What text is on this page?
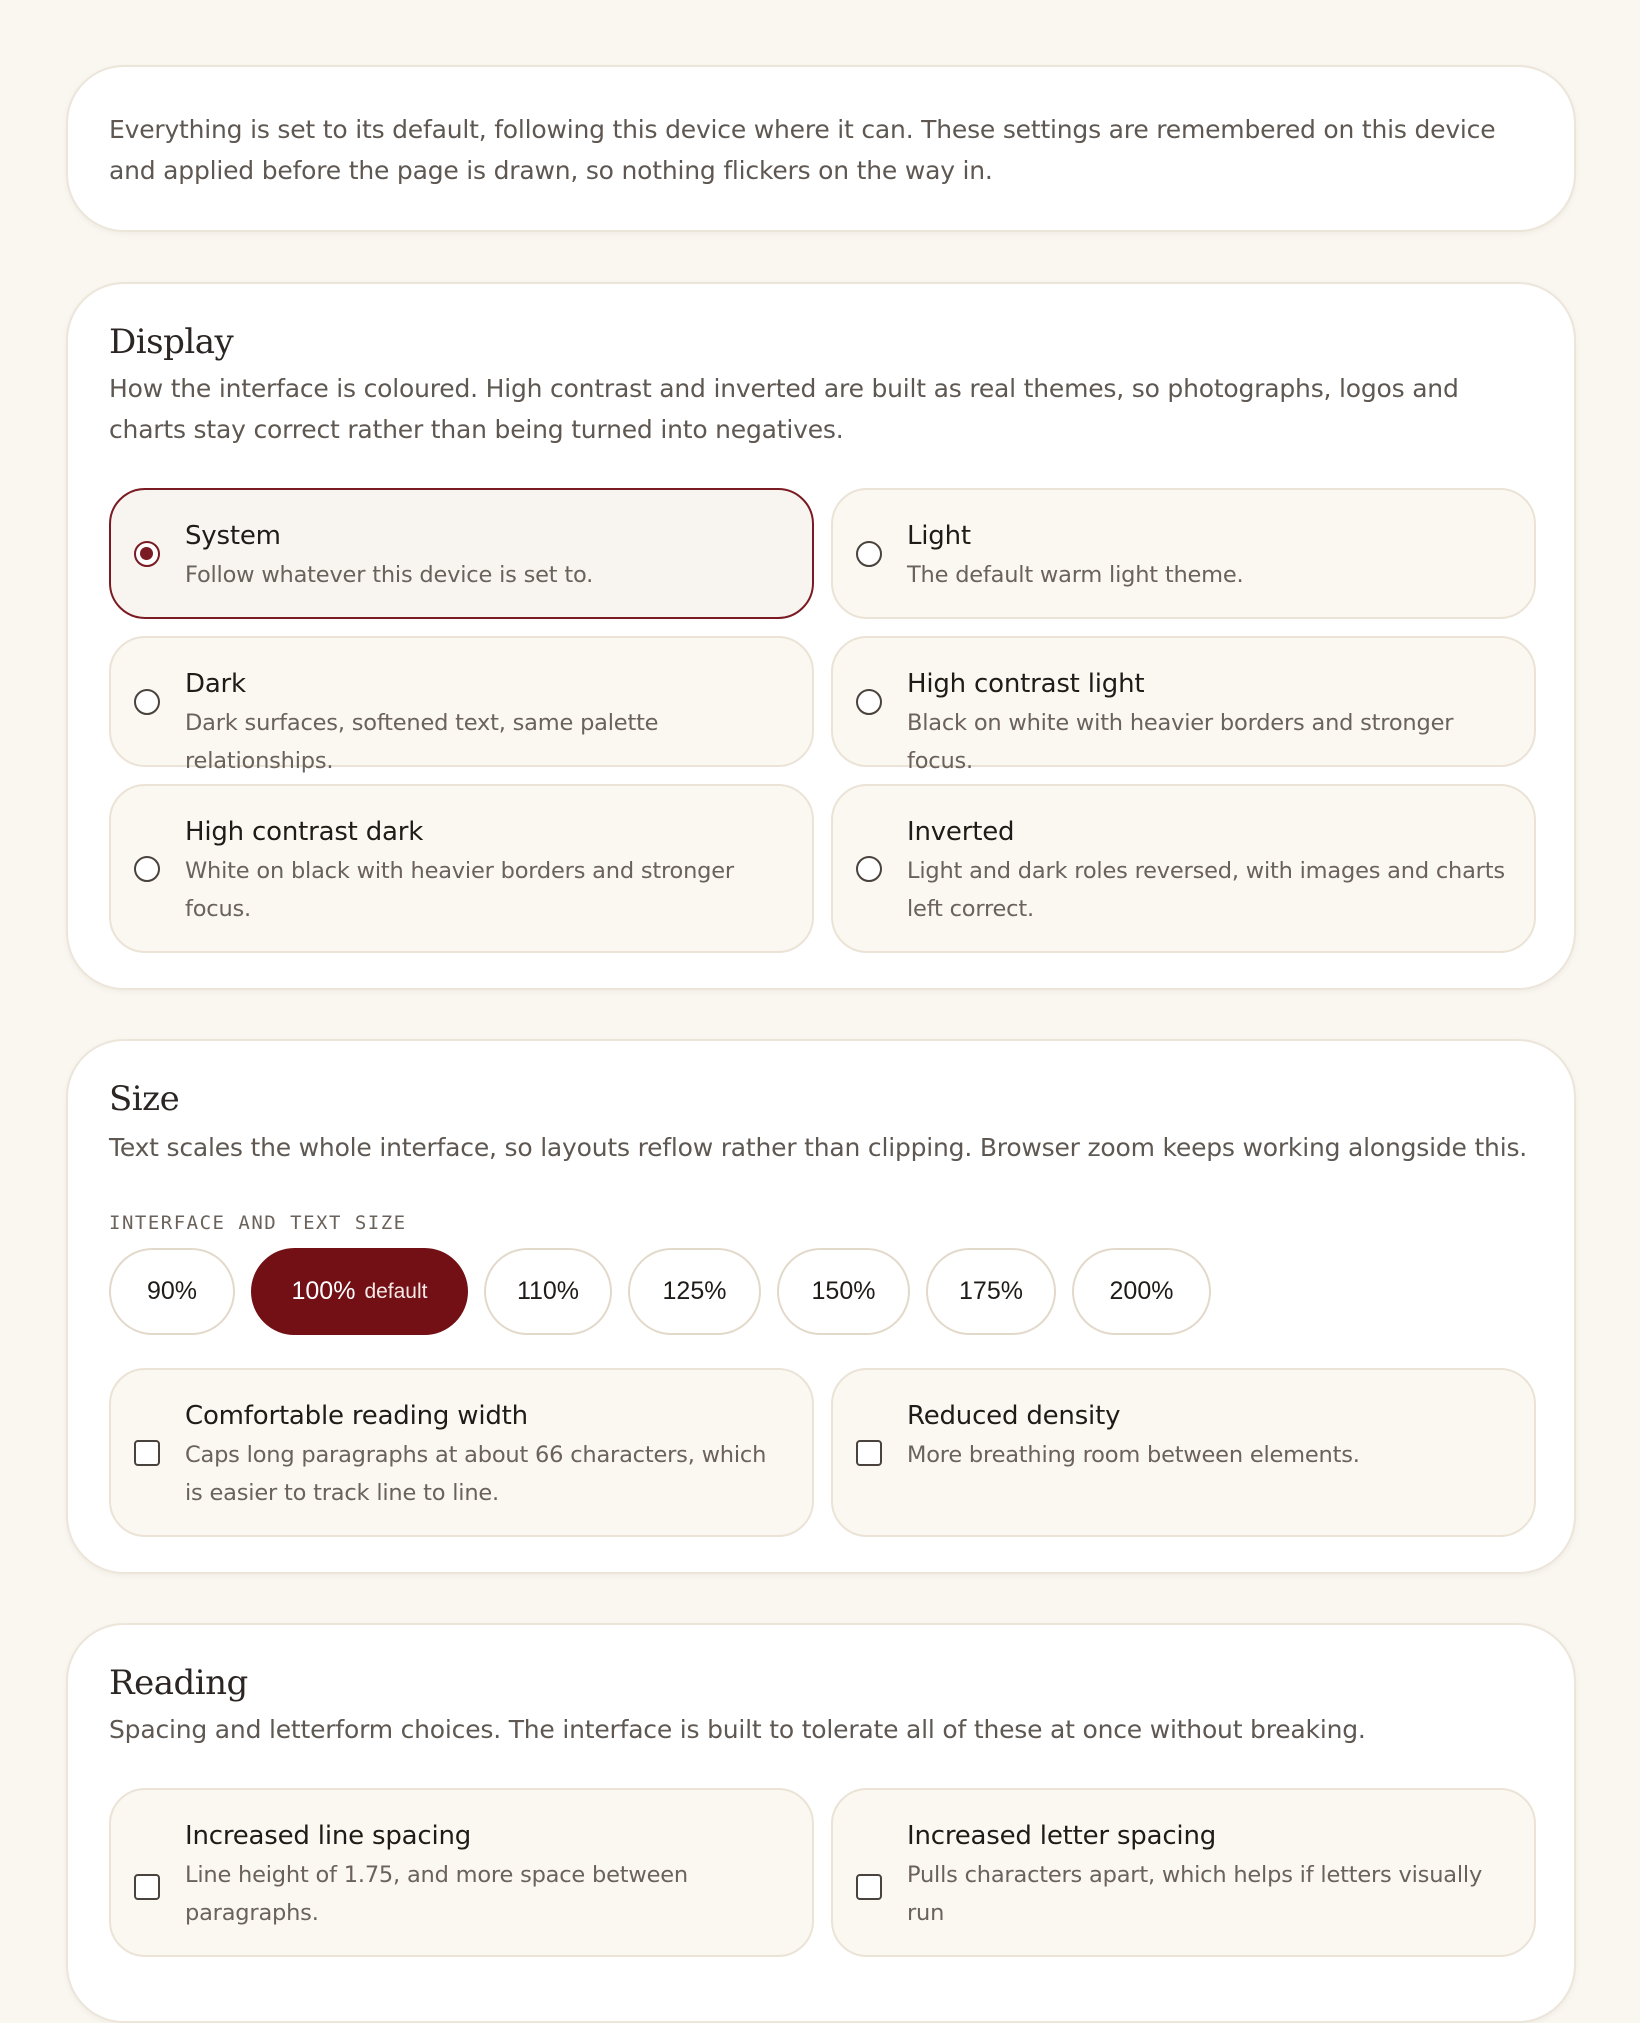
Everything is set to its default, following this device where it can. These settings are remembered on this device and applied before the page is drawn, so nothing flickers on the way in.

Display

How the interface is coloured. High contrast and inverted are built as real themes, so photographs, logos and charts stay correct rather than being turned into negatives.

System
Follow whatever this device is set to.
Light
The default warm light theme.
Dark
Dark surfaces, softened text, same palette relationships.
High contrast light
Black on white with heavier borders and stronger focus.
High contrast dark
White on black with heavier borders and stronger focus.
Inverted
Light and dark roles reversed, with images and charts left correct.
Size

Text scales the whole interface, so layouts reflow rather than clipping. Browser zoom keeps working alongside this.

INTERFACE AND TEXT SIZE
90%	100% default	110%	125%	150%	175%	200%
Comfortable reading width
Caps long paragraphs at about 66 characters, which is easier to track line to line.
Reduced density
More breathing room between elements.
Reading

Spacing and letterform choices. The interface is built to tolerate all of these at once without breaking.

Increased line spacing
Line height of 1.75, and more space between paragraphs.
Increased letter spacing
Pulls characters apart, which helps if letters visually run
